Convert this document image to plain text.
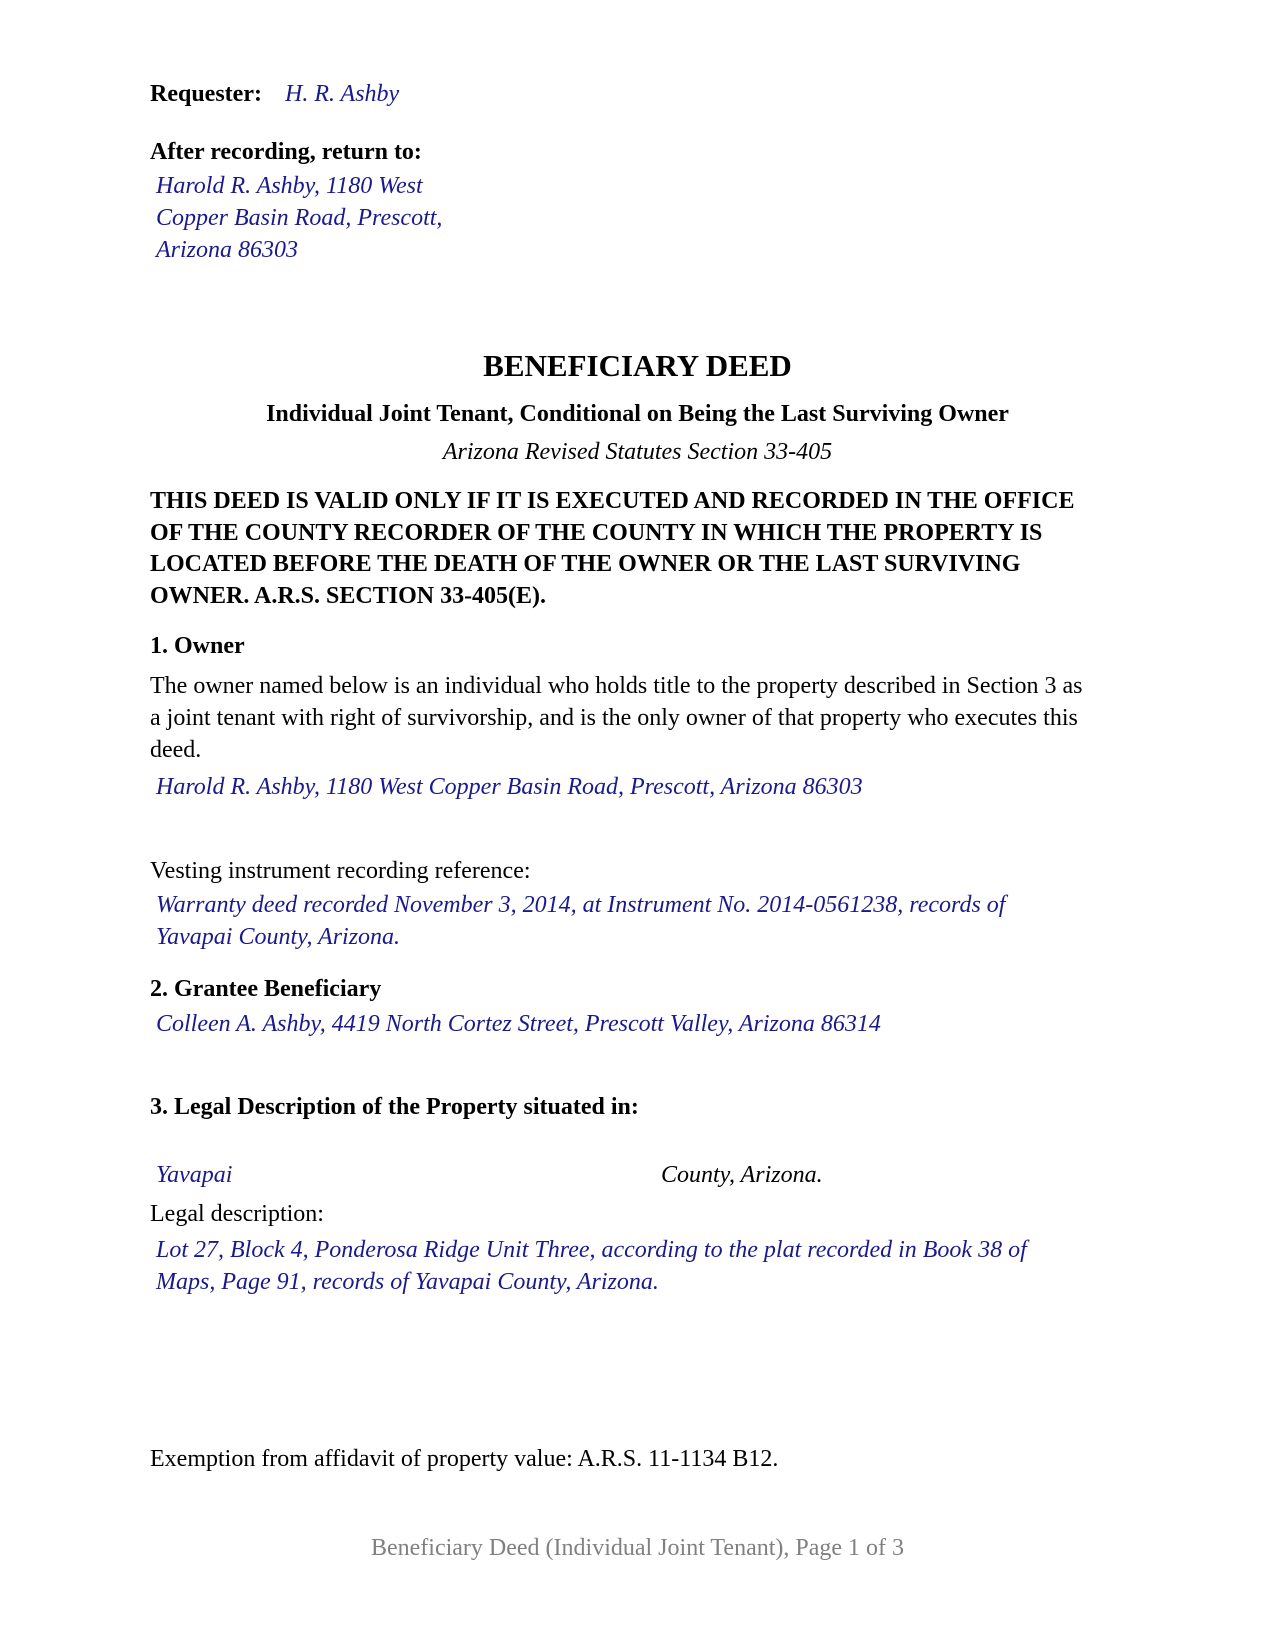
Requester: H. R. Ashby
After recording, return to:
Harold R. Ashby, 1180 West
Copper Basin Road, Prescott,
Arizona 86303
BENEFICIARY DEED
Individual Joint Tenant, Conditional on Being the Last Surviving Owner
Arizona Revised Statutes Section 33-405
THIS DEED IS VALID ONLY IF IT IS EXECUTED AND RECORDED IN THE OFFICE
OF THE COUNTY RECORDER OF THE COUNTY IN WHICH THE PROPERTY IS
LOCATED BEFORE THE DEATH OF THE OWNER OR THE LAST SURVIVING
OWNER. A.R.S. SECTION 33-405(E).
1. Owner
The owner named below is an individual who holds title to the property described in Section 3 as
a joint tenant with right of survivorship, and is the only owner of that property who executes this
deed.
Harold R. Ashby, 1180 West Copper Basin Road, Prescott, Arizona 86303
Vesting instrument recording reference:
Warranty deed recorded November 3, 2014, at Instrument No. 2014-0561238, records of
Yavapai County, Arizona.
2. Grantee Beneficiary
Colleen A. Ashby, 4419 North Cortez Street, Prescott Valley, Arizona 86314
3. Legal Description of the Property situated in:
Yavapai	County, Arizona.
Legal description:
Lot 27, Block 4, Ponderosa Ridge Unit Three, according to the plat recorded in Book 38 of
Maps, Page 91, records of Yavapai County, Arizona.
Exemption from affidavit of property value: A.R.S. 11-1134 B12.
Beneficiary Deed (Individual Joint Tenant), Page 1 of 3
